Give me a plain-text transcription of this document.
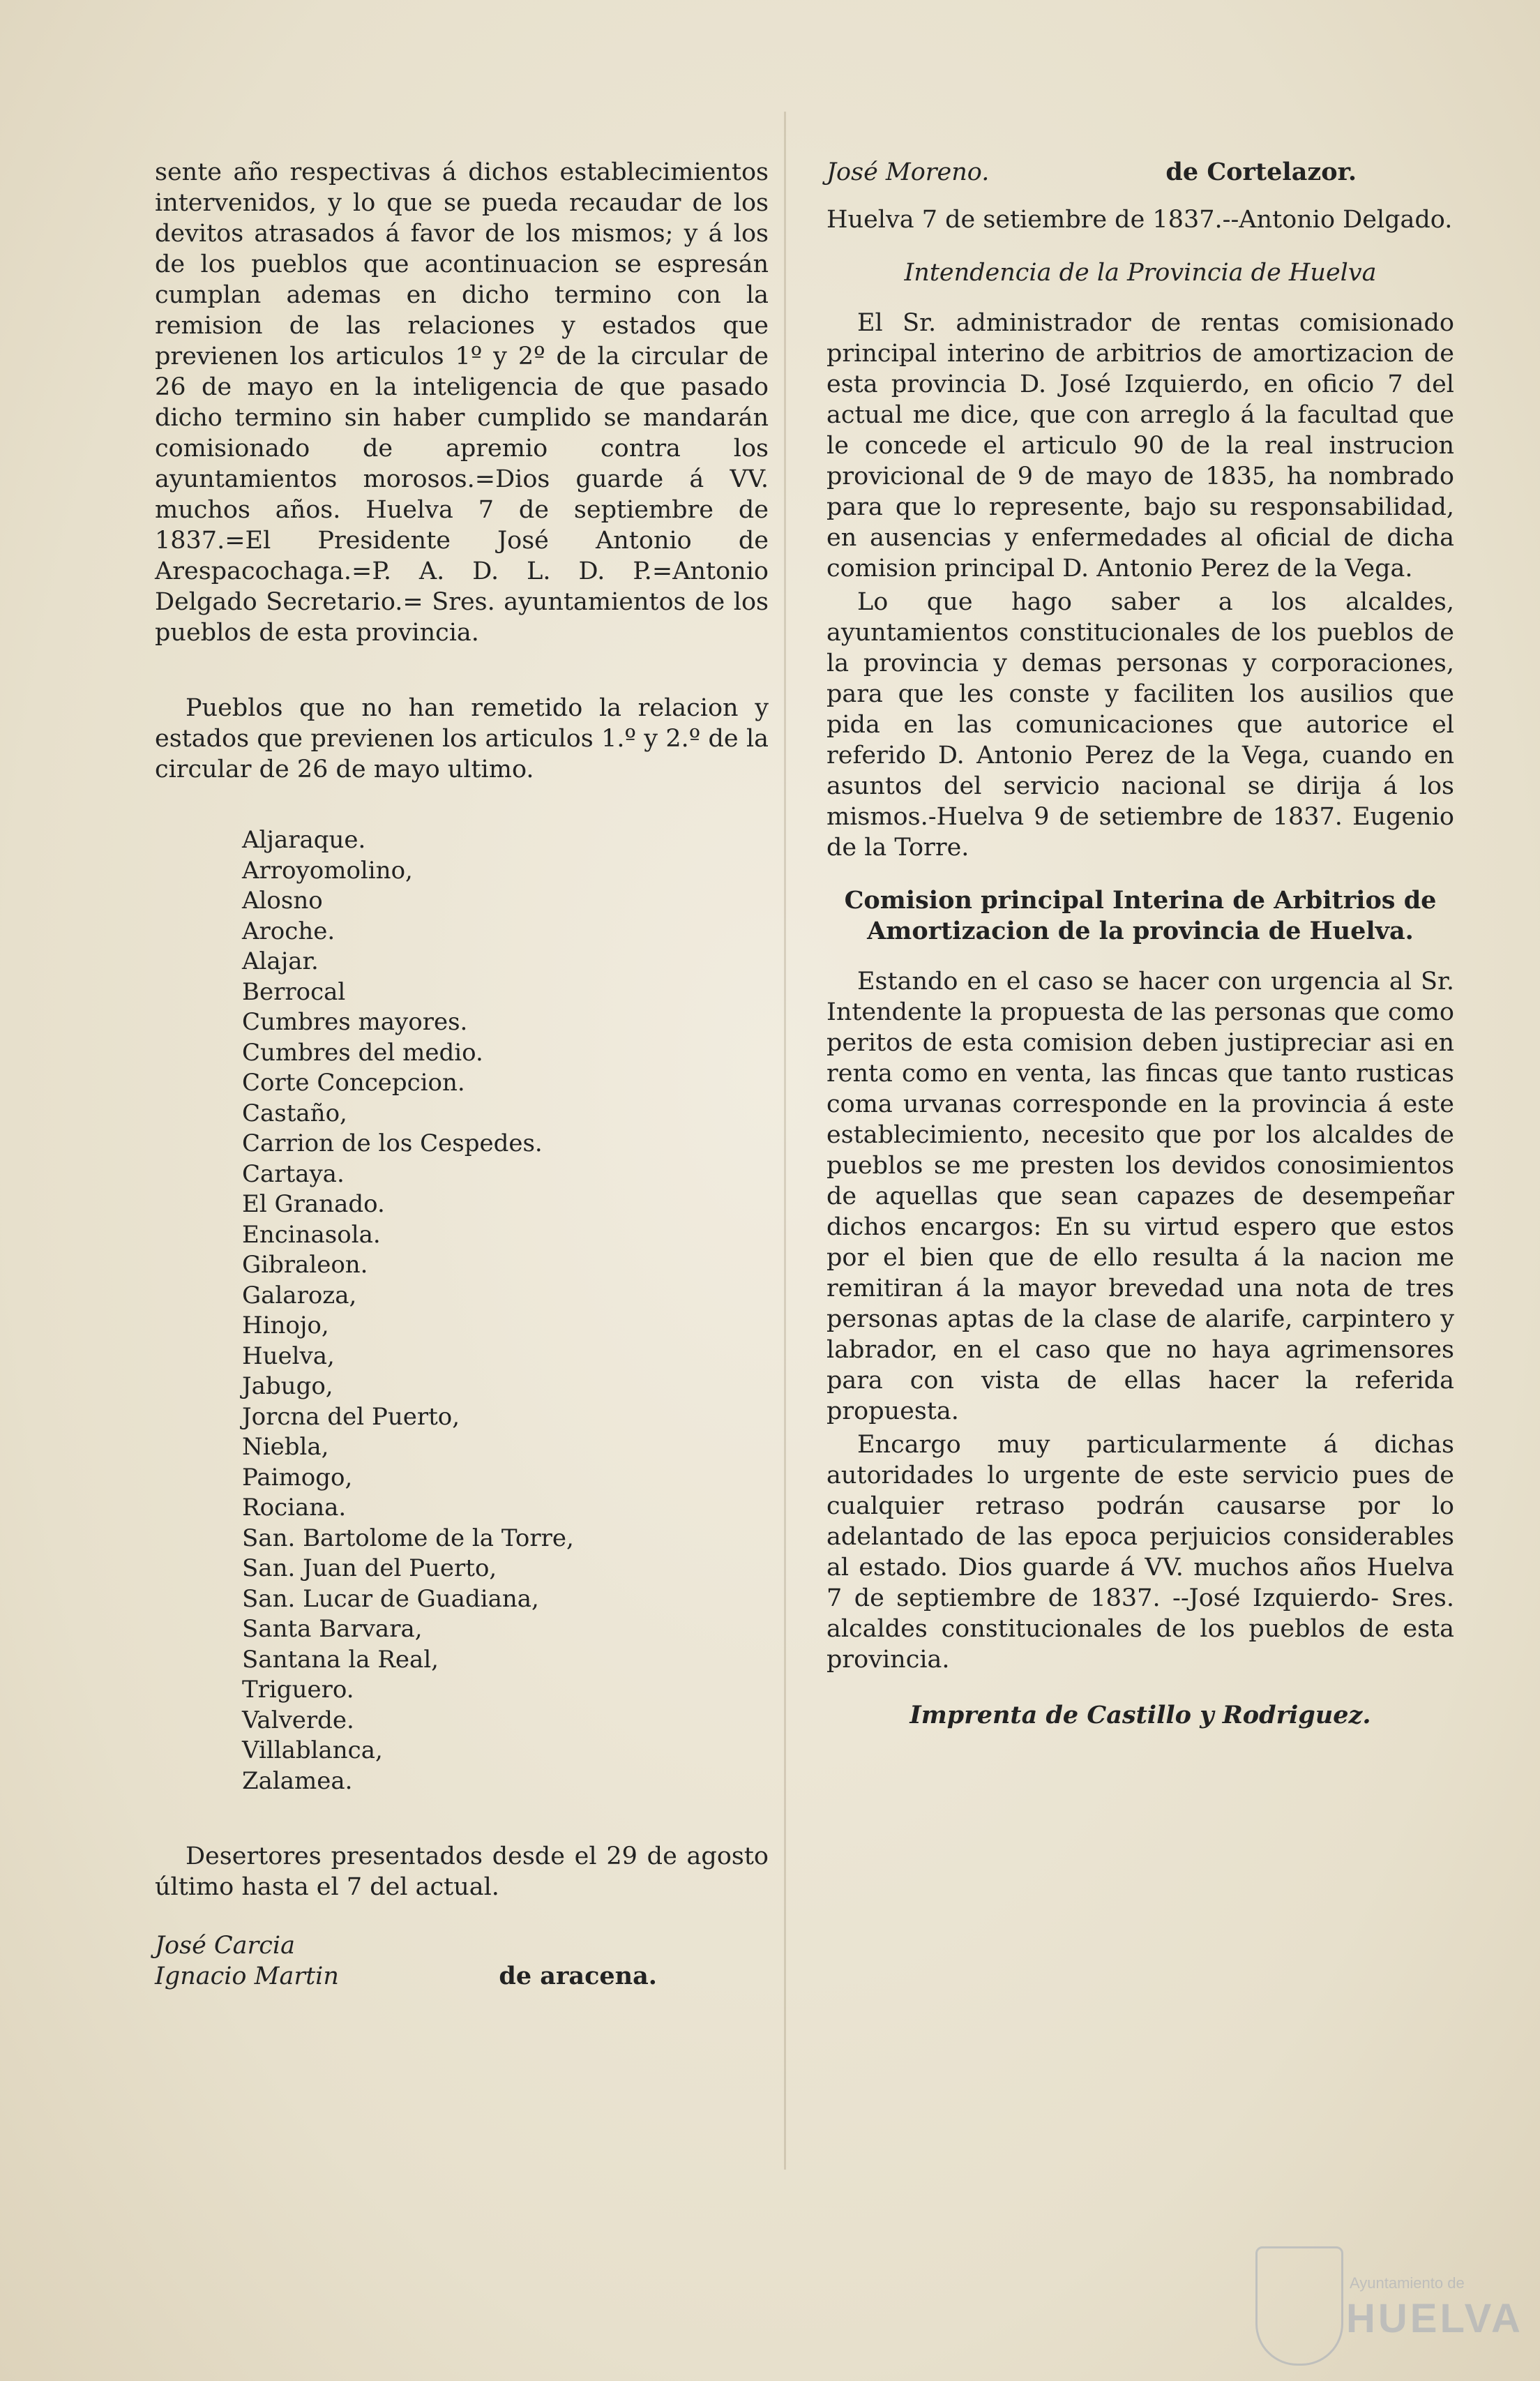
sente año respectivas á dichos establecimientos intervenidos, y lo que se pueda recaudar de los devitos atrasados á favor de los mismos; y á los de los pueblos que acontinuacion se espresán cumplan ademas en dicho termino con la remision de las relaciones y estados que previenen los articulos 1º y 2º de la circular de 26 de mayo en la inteligencia de que pasado dicho termino sin haber cumplido se mandarán comisionado de apremio contra los ayuntamientos morosos.=Dios guarde á VV. muchos años. Huelva 7 de septiembre de 1837.=El Presidente José Antonio de Arespacochaga.=P. A. D. L. D. P.=Antonio Delgado Secretario.= Sres. ayuntamientos de los pueblos de esta provincia.

Pueblos que no han remetido la relacion y estados que previenen los articulos 1.º y 2.º de la circular de 26 de mayo ultimo.

Aljaraque.
Arroyomolino,
Alosno
Aroche.
Alajar.
Berrocal
Cumbres mayores.
Cumbres del medio.
Corte Concepcion.
Castaño,
Carrion de los Cespedes.
Cartaya.
El Granado.
Encinasola.
Gibraleon.
Galaroza,
Hinojo,
Huelva,
Jabugo,
Jorcna del Puerto,
Niebla,
Paimogo,
Rociana.
San. Bartolome de la Torre,
San. Juan del Puerto,
San. Lucar de Guadiana,
Santa Barvara,
Santana la Real,
Triguero.
Valverde.
Villablanca,
Zalamea.

Desertores presentados desde el 29 de agosto último hasta el 7 del actual.

José Carcia
Ignacio Martin	de aracena.
José Moreno.	de Cortelazor.

Huelva 7 de setiembre de 1837.--Antonio Delgado.

Intendencia de la Provincia de Huelva

El Sr. administrador de rentas comisionado principal interino de arbitrios de amortizacion de esta provincia D. José Izquierdo, en oficio 7 del actual me dice, que con arreglo á la facultad que le concede el articulo 90 de la real instrucion provicional de 9 de mayo de 1835, ha nombrado para que lo represente, bajo su responsabilidad, en ausencias y enfermedades al oficial de dicha comision principal D. Antonio Perez de la Vega.

Lo que hago saber a los alcaldes, ayuntamientos constitucionales de los pueblos de la provincia y demas personas y corporaciones, para que les conste y faciliten los ausilios que pida en las comunicaciones que autorice el referido D. Antonio Perez de la Vega, cuando en asuntos del servicio nacional se dirija á los mismos.-Huelva 9 de setiembre de 1837. Eugenio de la Torre.

Comision principal Interina de Arbitrios de Amortizacion de la provincia de Huelva.

Estando en el caso se hacer con urgencia al Sr. Intendente la propuesta de las personas que como peritos de esta comision deben justipreciar asi en renta como en venta, las fincas que tanto rusticas coma urvanas corresponde en la provincia á este establecimiento, necesito que por los alcaldes de pueblos se me presten los devidos conosimientos de aquellas que sean capazes de desempeñar dichos encargos: En su virtud espero que estos por el bien que de ello resulta á la nacion me remitiran á la mayor brevedad una nota de tres personas aptas de la clase de alarife, carpintero y labrador, en el caso que no haya agrimensores para con vista de ellas hacer la referida propuesta.

Encargo muy particularmente á dichas autoridades lo urgente de este servicio pues de cualquier retraso podrán causarse por lo adelantado de las epoca perjuicios considerables al estado. Dios guarde á VV. muchos años Huelva 7 de septiembre de 1837. --José Izquierdo- Sres. alcaldes constitucionales de los pueblos de esta provincia.

Imprenta de Castillo y Rodriguez.

Ayuntamiento de
HUELVA
